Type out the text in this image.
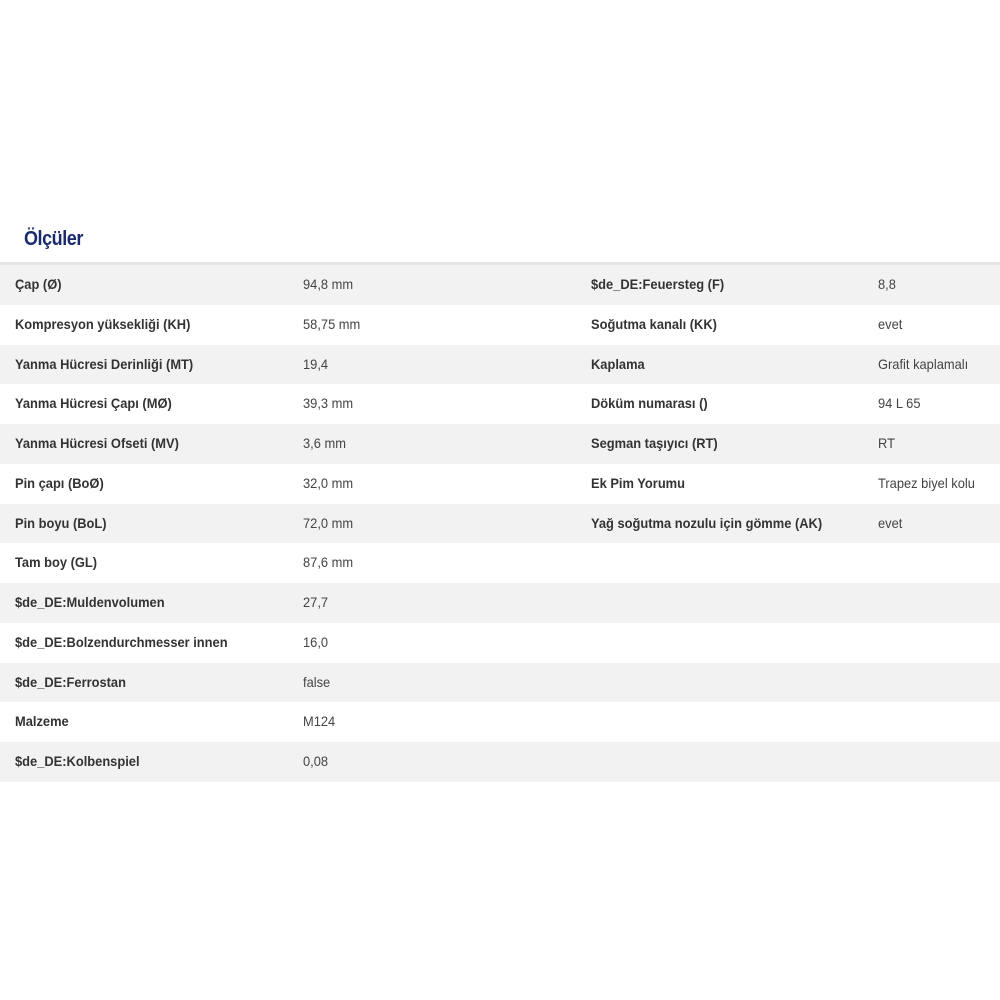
Ölçüler
Çap (Ø)	94,8 mm	$de_DE:Feuersteg (F)	8,8
Kompresyon yüksekliği (KH)	58,75 mm	Soğutma kanalı (KK)	evet
Yanma Hücresi Derinliği (MT)	19,4	Kaplama	Grafit kaplamalı
Yanma Hücresi Çapı (MØ)	39,3 mm	Döküm numarası ()	94 L 65
Yanma Hücresi Ofseti (MV)	3,6 mm	Segman taşıyıcı (RT)	RT
Pin çapı (BoØ)	32,0 mm	Ek Pim Yorumu	Trapez biyel kolu
Pin boyu (BoL)	72,0 mm	Yağ soğutma nozulu için gömme (AK)	evet
Tam boy (GL)	87,6 mm
$de_DE:Muldenvolumen	27,7
$de_DE:Bolzendurchmesser innen	16,0
$de_DE:Ferrostan	false
Malzeme	M124
$de_DE:Kolbenspiel	0,08
